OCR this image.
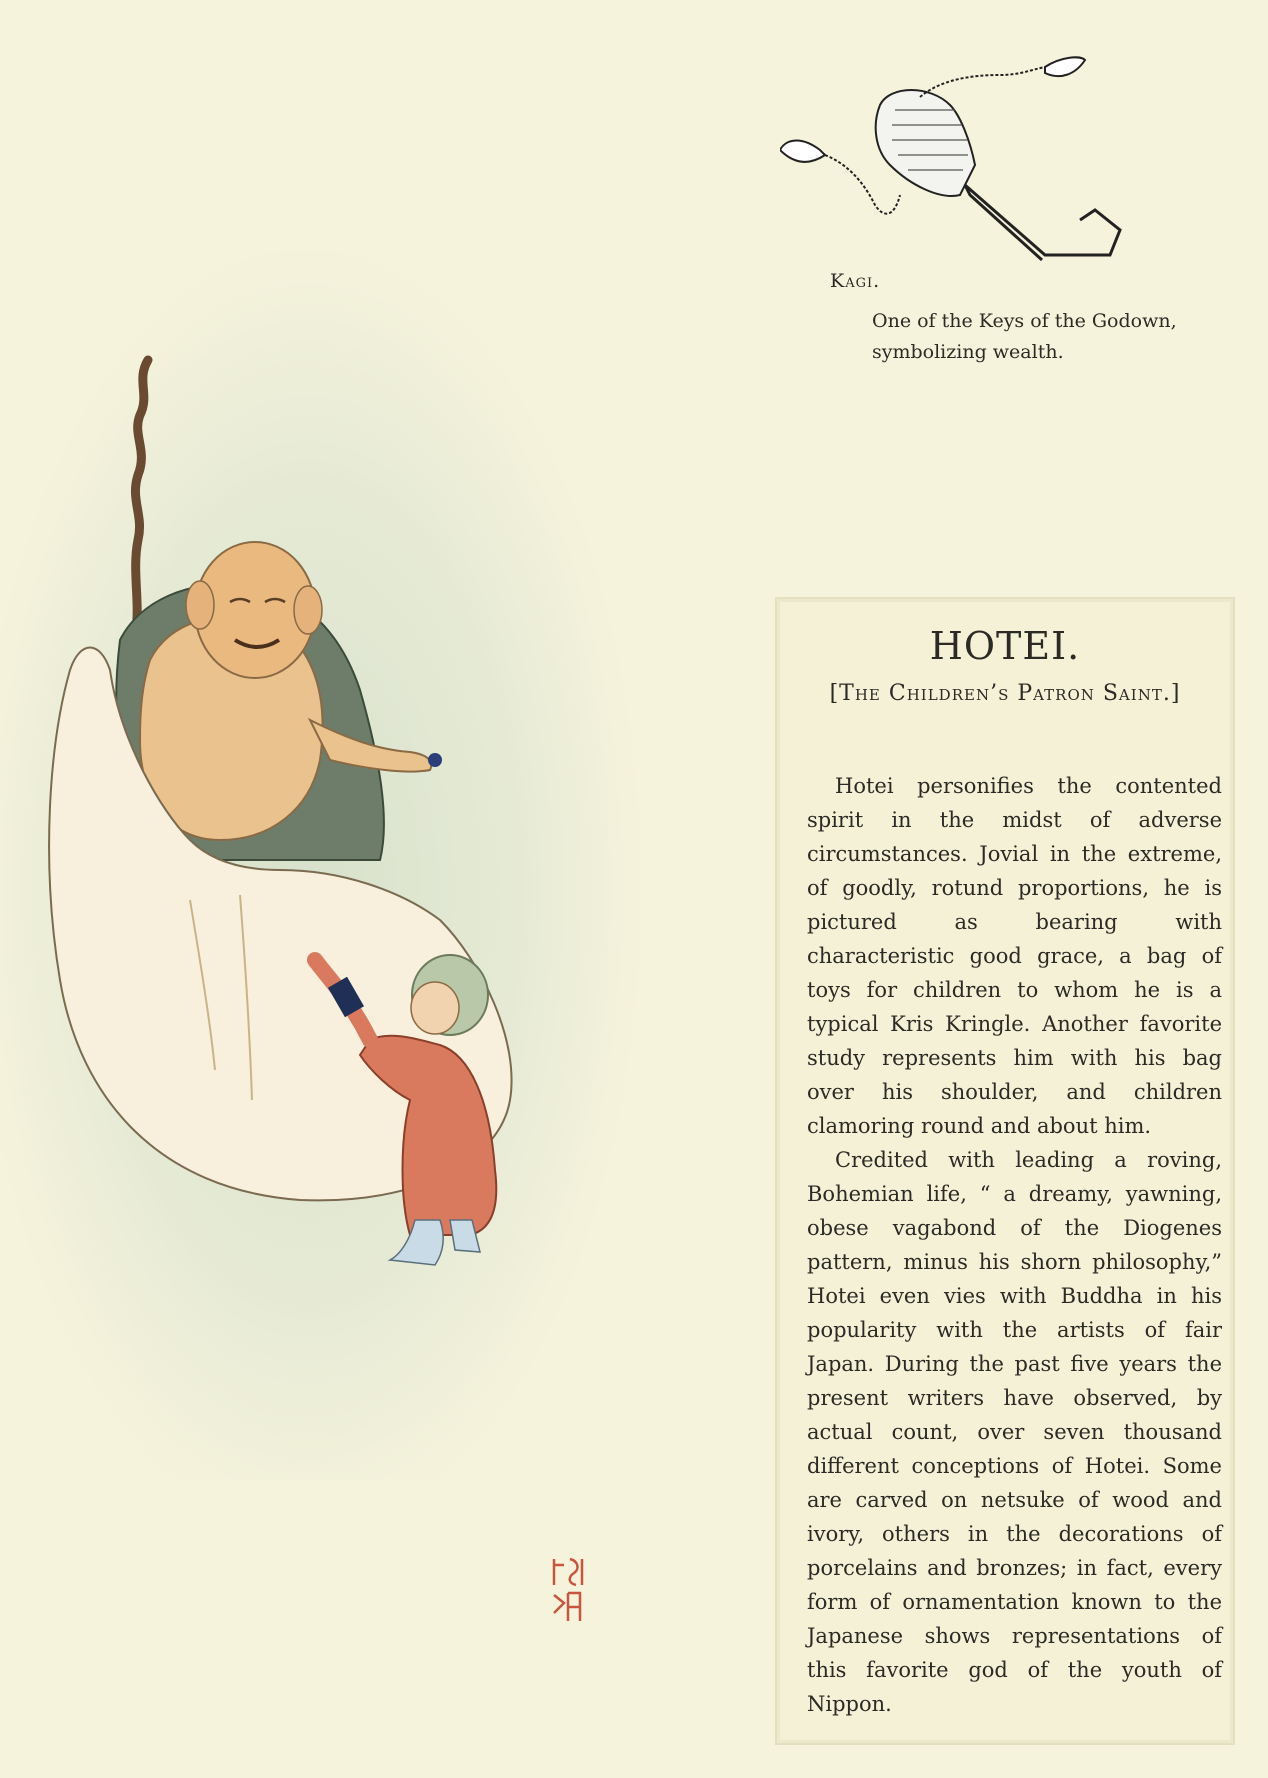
Kagi.
One of the Keys of the Godown, symbolizing wealth.
HOTEI.
[The Children’s Patron Saint.]

Hotei personifies the contented spirit in the midst of adverse circumstances. Jovial in the extreme, of goodly, rotund proportions, he is pictured as bearing with characteristic good grace, a bag of toys for children to whom he is a typical Kris Kringle. Another favorite study represents him with his bag over his shoulder, and children clamoring round and about him.

Credited with leading a roving, Bohemian life, “ a dreamy, yawning, obese vagabond of the Diogenes pattern, minus his shorn philosophy,” Hotei even vies with Buddha in his popularity with the artists of fair Japan. During the past five years the present writers have observed, by actual count, over seven thousand different conceptions of Hotei. Some are carved on netsuke of wood and ivory, others in the decorations of porcelains and bronzes; in fact, every form of ornamentation known to the Japanese shows representations of this favorite god of the youth of Nippon.
